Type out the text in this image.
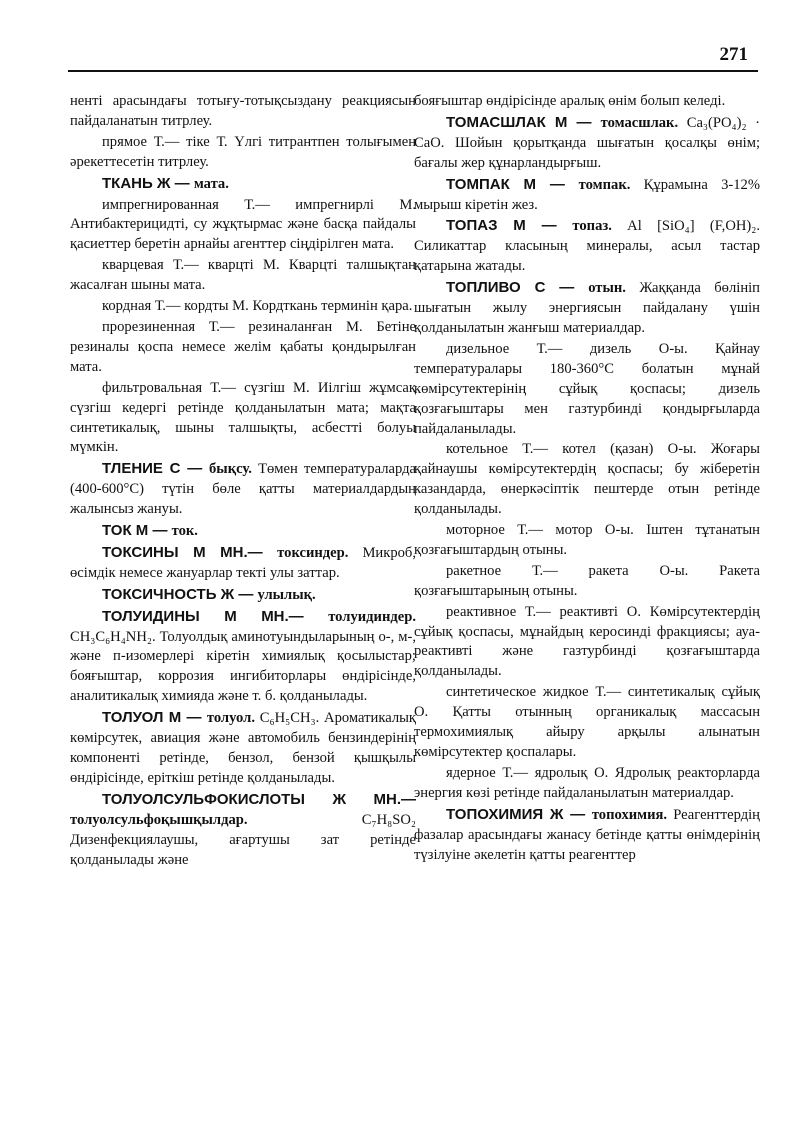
271

ненті арасындағы тотығу-тотықсыздану реакциясын пайдаланатын титрлеу.

прямое Т.— тіке Т. Үлгі титрантпен толығымен әрекеттесетін титрлеу.

ТКАНЬ Ж — мата.

импрегнированная Т.— импрегнирлі М. Антибактерицидті, су жұқтырмас және басқа пайдалы қасиеттер беретін арнайы агенттер сіңдірілген мата.

кварцевая Т.— кварцті М. Кварцті талшықтан жасалған шыны мата.

кордная Т.— кордты М. Кордткань терминін қара.

прорезиненная Т.— резиналанған М. Бетіне резиналы қоспа немесе желім қабаты қондырылған мата.

фильтровальная Т.— сүзгіш М. Иілгіш жұмсақ сүзгіш кедергі ретінде қолданылатын мата; мақта синтетикалық, шыны талшықты, асбестті болуы мүмкін.

ТЛЕНИЕ С — бықсу. Төмен температураларда (400-600°C) түтін бөле қатты материалдардың жалынсыз жануы.

ТОК М — ток.

ТОКСИНЫ М МН.— токсиндер. Микроб, өсімдік немесе жануарлар текті улы заттар.

ТОКСИЧНОСТЬ Ж — улылық.

ТОЛУИДИНЫ М МН.— толуидиндер. CH₃C₆H₄NH₂. Толуолдық аминотуындыларының о-, м-, және п-изомерлері кіретін химиялық қосылыстар; бояғыштар, коррозия ингибиторлары өндірісінде, аналитикалық химияда және т. б. қолданылады.

ТОЛУОЛ М — толуол. C₆H₅CH₃. Ароматикалық көмірсутек, авиация және автомобиль бензиндерінің компоненті ретінде, бензол, бензой қышқылы өндірісінде, еріткіш ретінде қолданылады.

ТОЛУОЛСУЛЬФОКИСЛОТЫ Ж МН.— толуолсульфоқышқылдар. C₇H₈SO₂ Дизенфекциялаушы, ағартушы зат ретінде қолданылады және

бояғыштар өндірісінде аралық өнім болып келеді.

ТОМАСШЛАК М — томасшлак. Ca₃(PO₄)₂ · CaO. Шойын қорытқанда шығатын қосалқы өнім; бағалы жер құнарландырғыш.

ТОМПАК М — томпак. Құрамына 3-12% мырыш кіретін жез.

ТОПАЗ М — топаз. Al [SiO₄] (F,OH)₂. Силикаттар класының минералы, асыл тастар қатарына жатады.

ТОПЛИВО С — отын. Жаққанда бөлініп шығатын жылу энергиясын пайдалану үшін қолданылатын жанғыш материалдар.

дизельное Т.— дизель О-ы. Қайнау температуралары 180-360°C болатын мұнай көмірсутектерінің сұйық қоспасы; дизель қозғағыштары мен газтурбинді қондырғыларда пайдаланылады.

котельное Т.— котел (қазан) О-ы. Жоғары қайнаушы көмірсутектердің қоспасы; бу жіберетін казандарда, өнеркәсіптік пештерде отын ретінде қолданылады.

моторное Т.— мотор О-ы. Іштен тұтанатын қозғағыштардың отыны.

ракетное Т.— ракета О-ы. Ракета қозғағыштарының отыны.

реактивное Т.— реактивті О. Көмірсутектердің сұйық қоспасы, мұнайдың керосинді фракциясы; ауа-реактивті және газтурбинді қозғағыштарда қолданылады.

синтетическое жидкое Т.— синтетикалық сұйық О. Қатты отынның органикалық массасын термохимиялық айыру арқылы алынатын көмірсутектер қоспалары.

ядерное Т.— ядролық О. Ядролық реакторларда энергия көзі ретінде пайдаланылатын материалдар.

ТОПОХИМИЯ Ж — топохимия. Реагенттердің фазалар арасындағы жанасу бетінде қатты өнімдерінің түзілуіне әкелетін қатты реагенттер
